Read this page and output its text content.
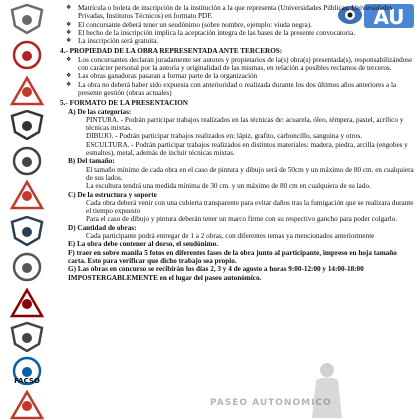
FACSO
AU

❖ Matrícula o boleta de inscripción de la institución a la que representa (Universidades Públicas, Universidades Privadas, Institutos Técnicos) en formato PDF.

❖ El concursante deberá tener un seudónimo (sobre nombre, ejemplo: viuda negra).

❖ El hecho de la inscripción implica la aceptación íntegra de las bases de la presente convocatoria.

❖ La inscripción será gratuita.

4.- PROPIEDAD DE LA OBRA REPRESENTADA ANTE TERCEROS:

❖ Los concursantes declaran juradamente ser autores y propietarios de la(s) obra(s) presentada(s), responsabilizándose con carácter personal por la autoría y originalidad de las mismas, en relación a posibles reclamos de terceros.

❖ Las obras ganadoras pasaran a formar parte de la organización

❖ La obra no deberá haber sido expuesta con anterioridad o realizada durante los dos últimos años anteriores a la presente gestión (obras actuales)

5.- FORMATO DE LA PRESENTACION

A) De las categorías:

PINTURA. - Podrán participar trabajos realizados en las técnicas de: acuarela, óleo, témpera, pastel, acrílico y técnicas mixtas.

DIBUJO. - Podrán participar trabajos realizados en: lápiz, grafito, carboncillo, sanguina y otros.

ESCULTURA. - Podrán participar trabajos realizados en distintos materiales: madera, piedra, arcilla (engobes y esmaltes), metal, además de incluir técnicas mixtas.

B) Del tamaño:

El tamaño mínimo de cada obra en el caso de pintura y dibujo será de 50cm y un máximo de 80 cm. en cualquiera de sus lados.

La escultura tendrá una medida mínima de 30 cm. y un máximo de 80 cm en cualquiera de su lado.

C) De la estructura y soporte

Cada obra deberá venir con una cubierta transparente para evitar daños tras la fumigación que se realizara durante el tiempo expuesto

Para el caso de dibujo y pintura deberán tener un marco firme con su respectivo gancho para poder colgarlo.

D) Cantidad de obras:

Cada participante podrá entregar de 1 a 2 obras, con diferentes temas ya mencionados anteriormente

E) La obra debe contener al dorso, el seudónimo.

F) traer en sobre manila 5 fotos en diferentes fases de la obra junto al participante, impreso en hoja tamaño carta. Esto para verificar que dicho trabajo sea propio.

G) Las obras en concurso se recibirán los días 2, 3 y 4 de agosto a horas 9:00-12:00 y 14:00-18:00 IMPOSTERGABLEMENTE en el lugar del paseo autonómico.

PASEO AUTONOMICO
